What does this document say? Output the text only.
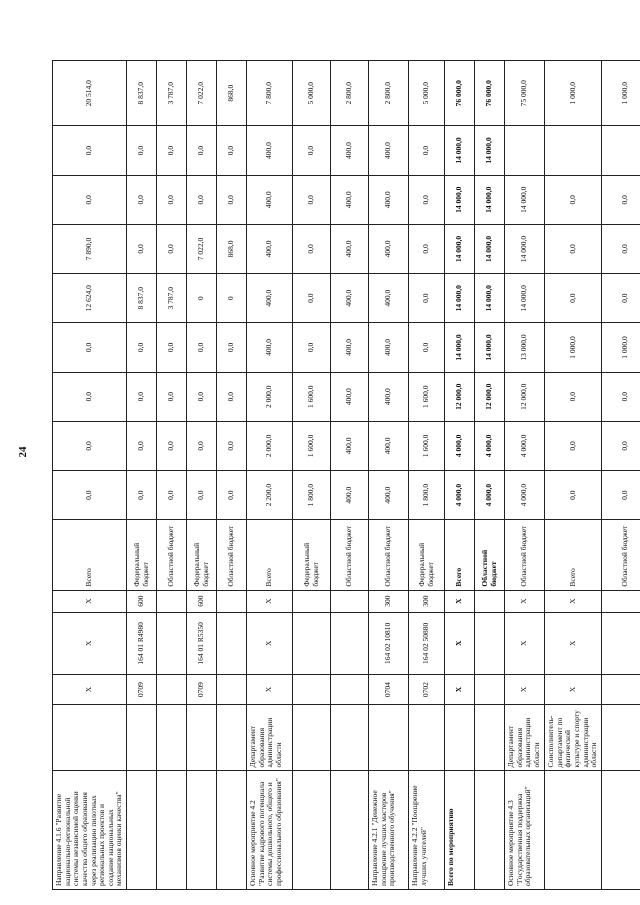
24
Направление 4.1.6 "Развитие национально-региональной системы независимой оценки качества общего образования через реализацию пилотных региональных проектов и создание национальных механизмов оценки качества"		X	X	X	Всего	0,0	0,0	0,0	0,0	12 624,0	7 890,0	0,0	0,0	20 514,0
		0709	164 01 R4980	600	Федеральный бюджет	0,0	0,0	0,0	0,0	8 837,0	0,0	0,0	0,0	8 837,0
					Областной бюджет	0,0	0,0	0,0	0,0	3 787,0	0,0	0,0	0,0	3 787,0
		0709	164 01 R5350	600	Федеральный бюджет	0,0	0,0	0,0	0,0	0	7 022,0	0,0	0,0	7 022,0
					Областной бюджет	0,0	0,0	0,0	0,0	0	868,0	0,0	0,0	868,0
Основное мероприятие 4.2 "Развитие кадрового потенциала системы дошкольного, общего и профессионального образования"	Департамент образования администрации области	X	X	X	Всего	2 200,0	2 000,0	2 000,0	400,0	400,0	400,0	400,0	400,0	7 800,0
					Федеральный бюджет	1 800,0	1 600,0	1 600,0	0,0	0,0	0,0	0,0	0,0	5 000,0
					Областной бюджет	400,0	400,0	400,0	400,0	400,0	400,0	400,0	400,0	2 800,0
Направление 4.2.1 "Денежное поощрение лучших мастеров производственного обучения"		0704	164 02 10810	300	Областной бюджет	400,0	400,0	400,0	400,0	400,0	400,0	400,0	400,0	2 800,0
Направление 4.2.2 "Поощрение лучших учителей"		0702	164 02 50880	300	Федеральный бюджет	1 800,0	1 600,0	1 600,0	0,0	0,0	0,0	0,0	0,0	5 000,0
Всего по мероприятию		X	X	X	Всего	4 000,0	4 000,0	12 000,0	14 000,0	14 000,0	14 000,0	14 000,0	14 000,0	76 000,0
					Областной бюджет	4 000,0	4 000,0	12 000,0	14 000,0	14 000,0	14 000,0	14 000,0	14 000,0	76 000,0
Основное мероприятие 4.3 "Государственная поддержка образовательных организаций"	Департамент образования администрации области	X	X	X	Областной бюджет	4 000,0	4 000,0	12 000,0	13 000,0	14 000,0	14 000,0	14 000,0		75 000,0
	Соисполнитель-департамент по физической культуре и спорту администрации области	X	X	X	Всего	0,0	0,0	0,0	1 000,0	0,0	0,0	0,0		1 000,0
					Областной бюджет	0,0	0,0	0,0	1 000,0	0,0	0,0	0,0		1 000,0
